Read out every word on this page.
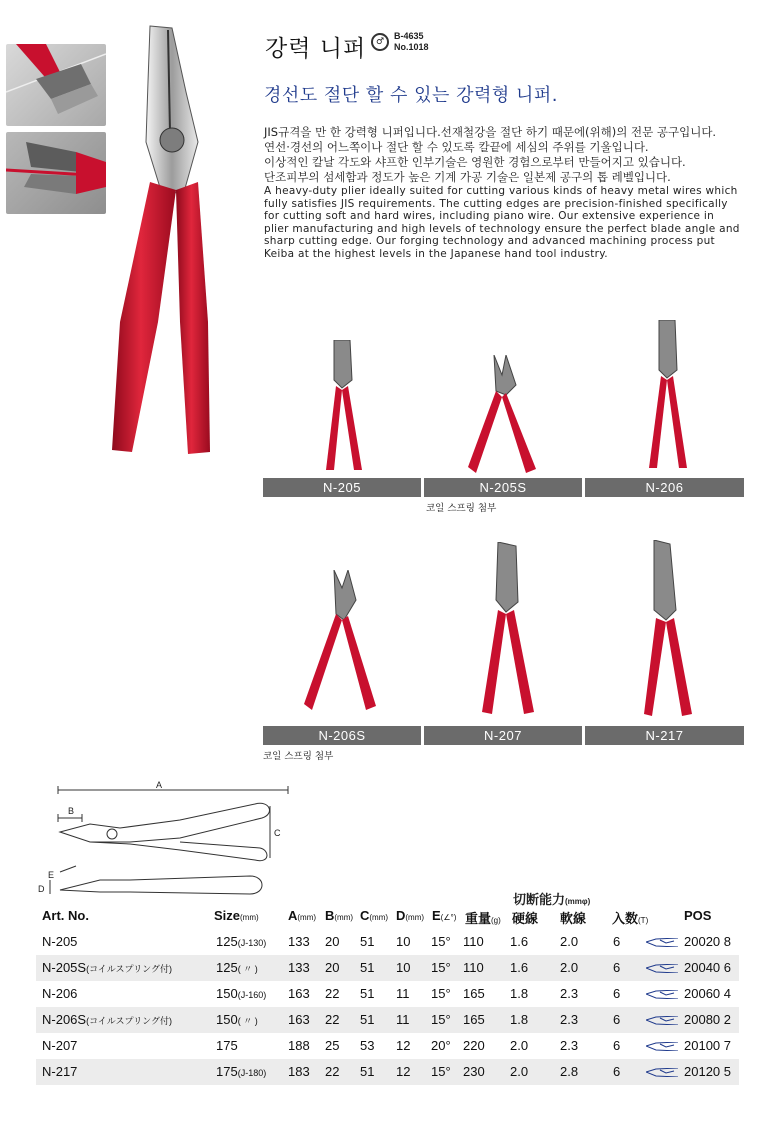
강력 니퍼	♂
B-4635
No.1018
경선도 절단 할 수 있는 강력형 니퍼.

JIS규격을 만 한 강력형 니퍼입니다.선재철강을 절단 하기 때문에(위해)의 전문 공구입니다.

연선·경선의 어느쪽이나 절단 할 수 있도록 칼끝에 세심의 주위를 기울입니다.

이상적인 칼날 각도와 샤프한 인부기술은 영원한 경험으로부터 만들어지고 있습니다.

단조피부의 섬세함과 정도가 높은 기계 가공 기술은 일본제 공구의 톱 레벨입니다.

A heavy-duty plier ideally suited for cutting various kinds of heavy metal wires which fully satisfies JIS requirements. The cutting edges are precision-finished specifically for cutting soft and hard wires, including piano wire. Our extensive experience in plier manufacturing and high levels of technology ensure the perfect blade angle and sharp cutting edge. Our forging technology and advanced machining process put Keiba at the highest levels in the Japanese hand tool industry.

N-205	N-205S	N-206
코일 스프링 첨부
N-206S	N-207	N-217
코일 스프링 첨부
A
B
C
D
E
切断能力(mmφ)
Art. No.	Size(mm) A(mm) B(mm) C(mm) D(mm) E(∠°) 重量(g) 硬線 軟線 入数(T)	POS
N-205	125(J-130) 133 20 51 10 15° 110 1.6 2.0	6	20020 8
N-205S(コイルスプリング付)	125( 〃 ) 133 20 51 10 15° 110 1.6 2.0	6	20040 6
N-206	150(J-160) 163 22 51 11 15° 165 1.8 2.3	6	20060 4
N-206S(コイルスプリング付)	150( 〃 ) 163 22 51 11 15° 165 1.8 2.3	6	20080 2
N-207	175	188 25 53 12 20° 220 2.0 2.3	6	20100 7
N-217	175(J-180) 183 22 51 12 15° 230 2.0 2.8	6	20120 5
